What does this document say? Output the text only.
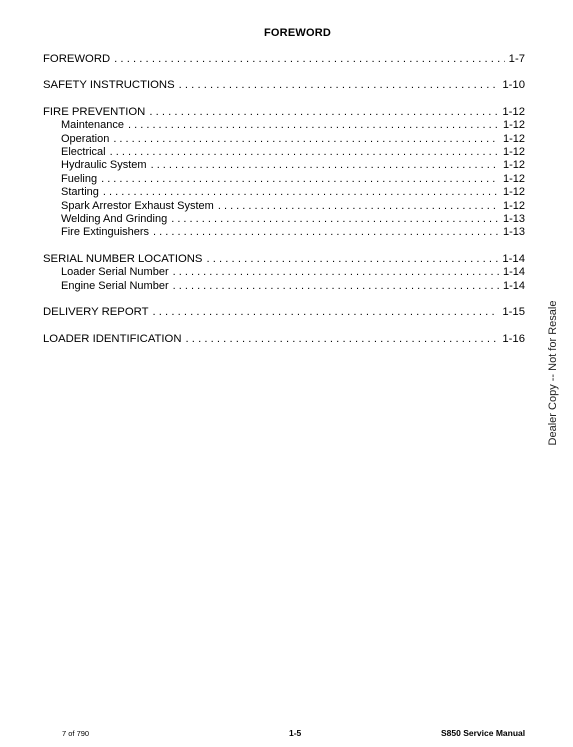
FOREWORD
FOREWORD . . .	1-7
SAFETY INSTRUCTIONS . . .	1-10
FIRE PREVENTION . . .	1-12
Maintenance . . .	1-12
Operation . . .	1-12
Electrical . . .	1-12
Hydraulic System . . .	1-12
Fueling . . .	1-12
Starting . . .	1-12
Spark Arrestor Exhaust System . . .	1-12
Welding And Grinding . . .	1-13
Fire Extinguishers . . .	1-13
SERIAL NUMBER LOCATIONS . . .	1-14
Loader Serial Number . . .	1-14
Engine Serial Number . . .	1-14
DELIVERY REPORT . . .	1-15
LOADER IDENTIFICATION . . .	1-16 Dealer Copy -- Not for Resale
7 of 790	1-5	S850 Service Manual
